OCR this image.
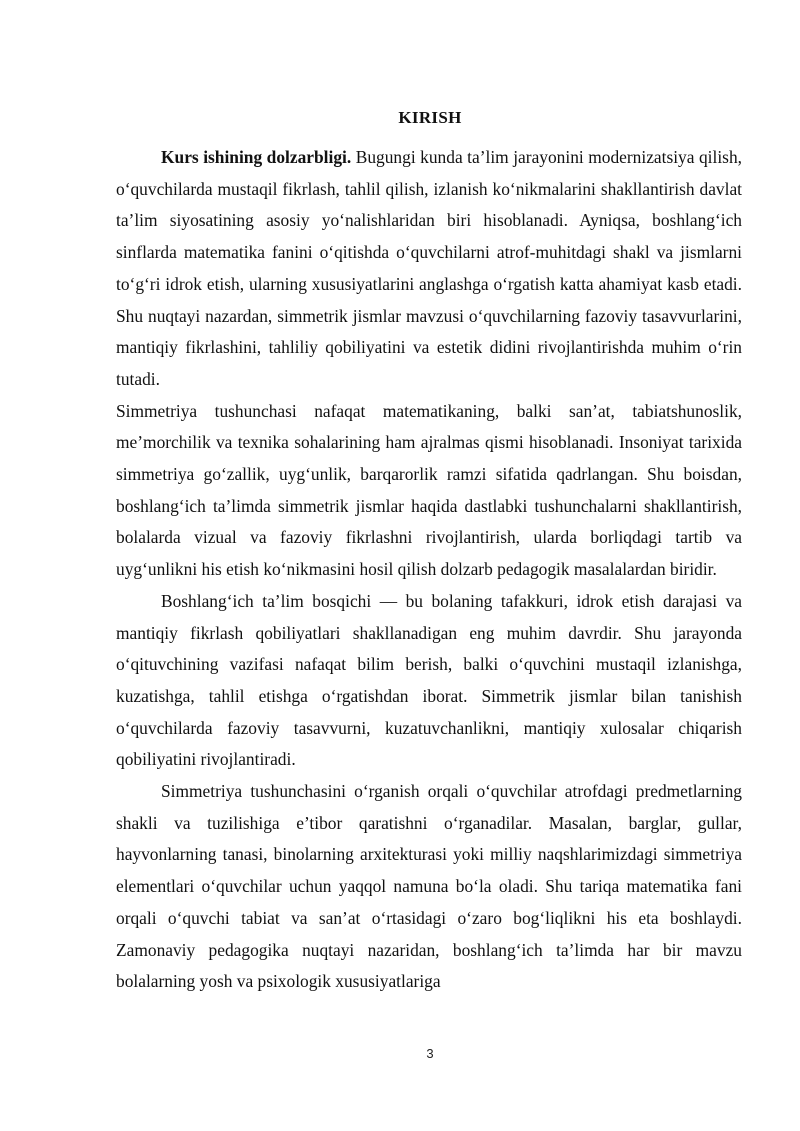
KIRISH

Kurs ishining dolzarbligi. Bugungi kunda ta’lim jarayonini modernizatsiya qilish, o‘quvchilarda mustaqil fikrlash, tahlil qilish, izlanish ko‘nikmalarini shakllantirish davlat ta’lim siyosatining asosiy yo‘nalishlaridan biri hisoblanadi. Ayniqsa, boshlang‘ich sinflarda matematika fanini o‘qitishda o‘quvchilarni atrof-muhitdagi shakl va jismlarni to‘g‘ri idrok etish, ularning xususiyatlarini anglashga o‘rgatish katta ahamiyat kasb etadi. Shu nuqtayi nazardan, simmetrik jismlar mavzusi o‘quvchilarning fazoviy tasavvurlarini, mantiqiy fikrlashini, tahliliy qobiliyatini va estetik didini rivojlantirishda muhim o‘rin tutadi.

Simmetriya tushunchasi nafaqat matematikaning, balki san’at, tabiatshunoslik, me’morchilik va texnika sohalarining ham ajralmas qismi hisoblanadi. Insoniyat tarixida simmetriya go‘zallik, uyg‘unlik, barqarorlik ramzi sifatida qadrlangan. Shu boisdan, boshlang‘ich ta’limda simmetrik jismlar haqida dastlabki tushunchalarni shakllantirish, bolalarda vizual va fazoviy fikrlashni rivojlantirish, ularda borliqdagi tartib va uyg‘unlikni his etish ko‘nikmasini hosil qilish dolzarb pedagogik masalalardan biridir.

Boshlang‘ich ta’lim bosqichi — bu bolaning tafakkuri, idrok etish darajasi va mantiqiy fikrlash qobiliyatlari shakllanadigan eng muhim davrdir. Shu jarayonda o‘qituvchining vazifasi nafaqat bilim berish, balki o‘quvchini mustaqil izlanishga, kuzatishga, tahlil etishga o‘rgatishdan iborat. Simmetrik jismlar bilan tanishish o‘quvchilarda fazoviy tasavvurni, kuzatuvchanlikni, mantiqiy xulosalar chiqarish qobiliyatini rivojlantiradi.

Simmetriya tushunchasini o‘rganish orqali o‘quvchilar atrofdagi predmetlarning shakli va tuzilishiga e’tibor qaratishni o‘rganadilar. Masalan, barglar, gullar, hayvonlarning tanasi, binolarning arxitekturasi yoki milliy naqshlarimizdagi simmetriya elementlari o‘quvchilar uchun yaqqol namuna bo‘la oladi. Shu tariqa matematika fani orqali o‘quvchi tabiat va san’at o‘rtasidagi o‘zaro bog‘liqlikni his eta boshlaydi. Zamonaviy pedagogika nuqtayi nazaridan, boshlang‘ich ta’limda har bir mavzu bolalarning yosh va psixologik xususiyatlariga

3
